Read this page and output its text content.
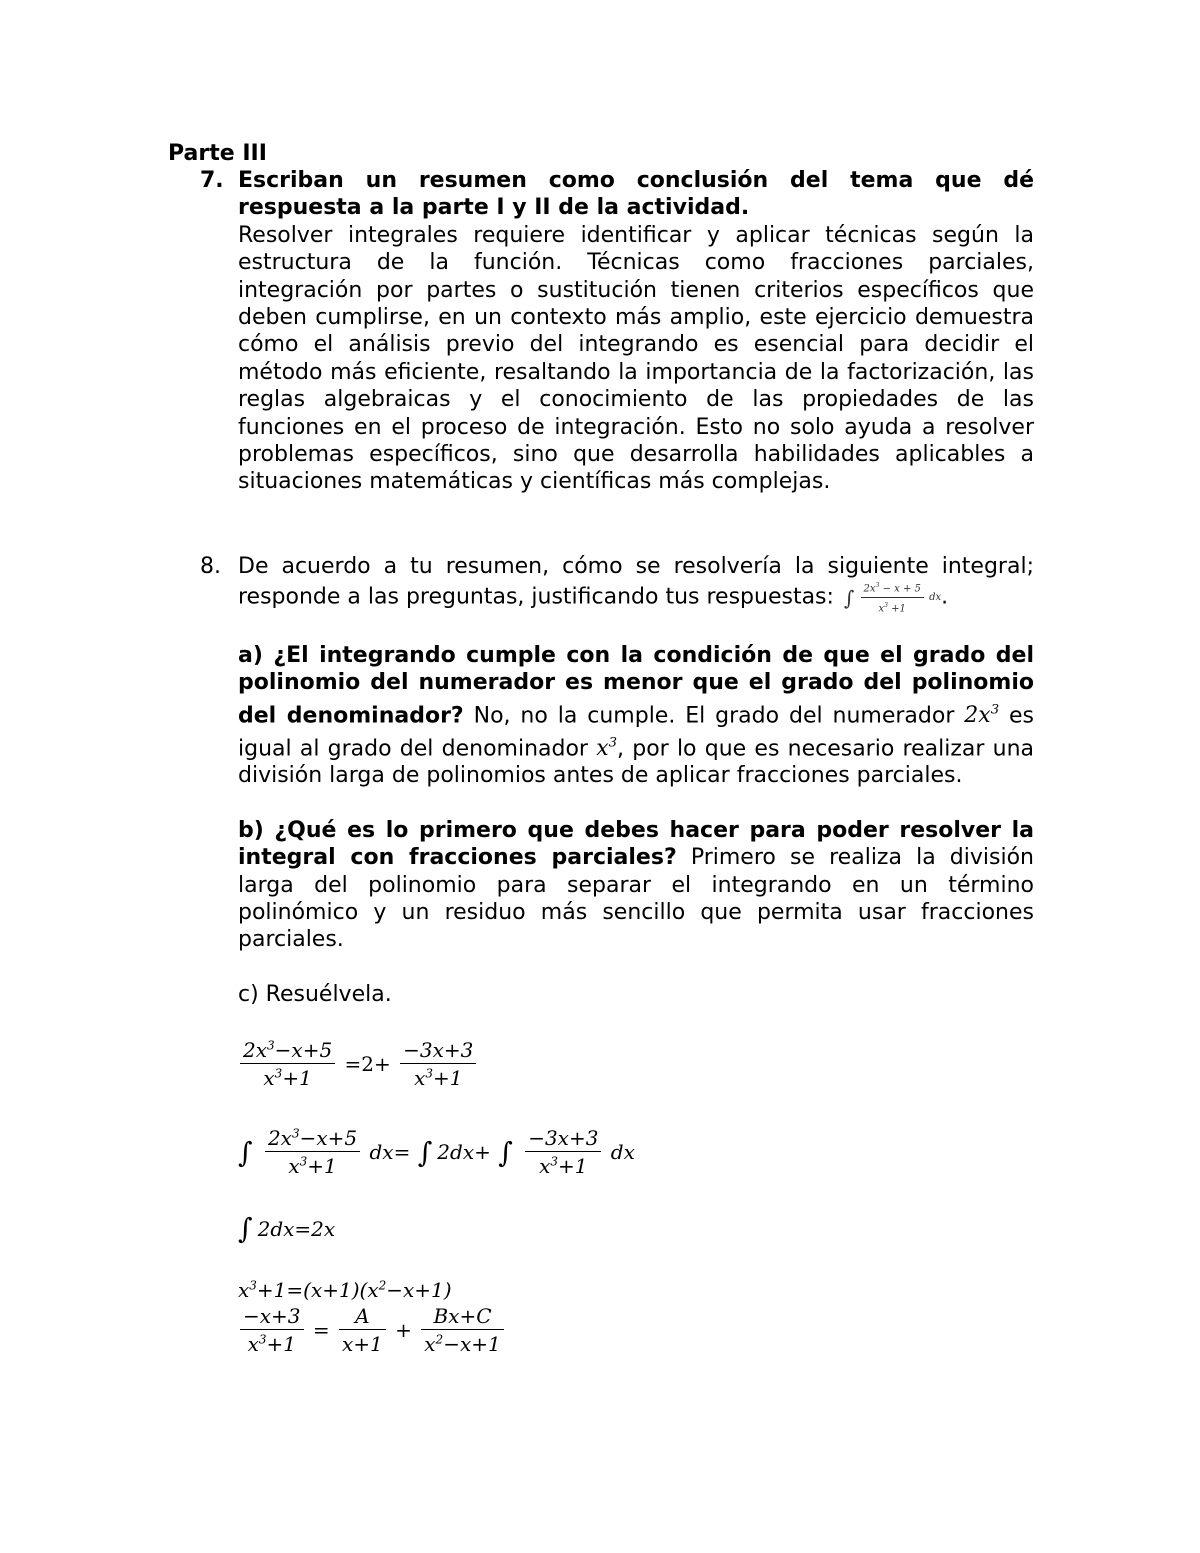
Parte III
7. Escriban un resumen como conclusión del tema que dé respuesta a la parte I y II de la actividad.
Resolver integrales requiere identificar y aplicar técnicas según la estructura de la función. Técnicas como fracciones parciales, integración por partes o sustitución tienen criterios específicos que deben cumplirse, en un contexto más amplio, este ejercicio demuestra cómo el análisis previo del integrando es esencial para decidir el método más eficiente, resaltando la importancia de la factorización, las reglas algebraicas y el conocimiento de las propiedades de las funciones en el proceso de integración. Esto no solo ayuda a resolver problemas específicos, sino que desarrolla habilidades aplicables a situaciones matemáticas y científicas más complejas.
8. De acuerdo a tu resumen, cómo se resolvería la siguiente integral; responde a las preguntas, justificando tus respuestas: ∫ $\frac{2x^3 - x + 5}{x^3 +1}$ dx.
a) ¿El integrando cumple con la condición de que el grado del polinomio del numerador es menor que el grado del polinomio del denominador? No, no la cumple. El grado del numerador $2x^3$ es igual al grado del denominador $x^3$, por lo que es necesario realizar una división larga de polinomios antes de aplicar fracciones parciales.
b) ¿Qué es lo primero que debes hacer para poder resolver la integral con fracciones parciales? Primero se realiza la división larga del polinomio para separar el integrando en un término polinómico y un residuo más sencillo que permita usar fracciones parciales.
c) Resuélvela.
$\frac{2x^3-x+5}{x^3+1} =2+ \frac{-3x+3}{x^3+1}$
∫ $\frac{2x^3-x+5}{x^3+1} dx=$ ∫ 2dx+ ∫ $\frac{-3x+3}{x^3+1}$ dx
∫ 2dx=2x
$x^3+1=(x+1)(x^2-x+1)$
$\frac{-x+3}{x^3+1} = \frac{A}{x+1} + \frac{Bx+C}{x^2-x+1}$
